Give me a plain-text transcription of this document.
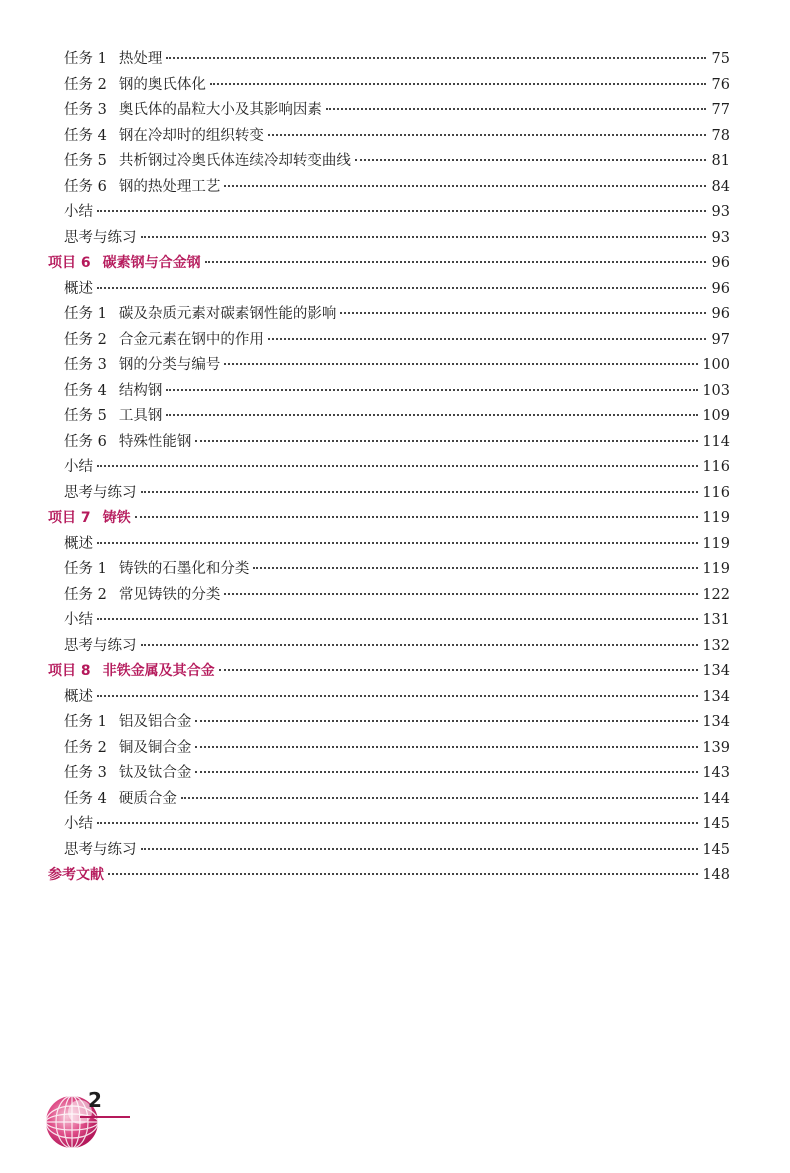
任务 1 热处理	75
任务 2 钢的奥氏体化	76
任务 3 奥氏体的晶粒大小及其影响因素	77
任务 4 钢在冷却时的组织转变	78
任务 5 共析钢过冷奥氏体连续冷却转变曲线	81
任务 6 钢的热处理工艺	84
小结	93
思考与练习	93
项目 6 碳素钢与合金钢	96
概述	96
任务 1 碳及杂质元素对碳素钢性能的影响	96
任务 2 合金元素在钢中的作用	97
任务 3 钢的分类与编号	100
任务 4 结构钢	103
任务 5 工具钢	109
任务 6 特殊性能钢	114
小结	116
思考与练习	116
项目 7 铸铁	119
概述	119
任务 1 铸铁的石墨化和分类	119
任务 2 常见铸铁的分类	122
小结	131
思考与练习	132
项目 8 非铁金属及其合金	134
概述	134
任务 1 铝及铝合金	134
任务 2 铜及铜合金	139
任务 3 钛及钛合金	143
任务 4 硬质合金	144
小结	145
思考与练习	145
参考文献	148
2
